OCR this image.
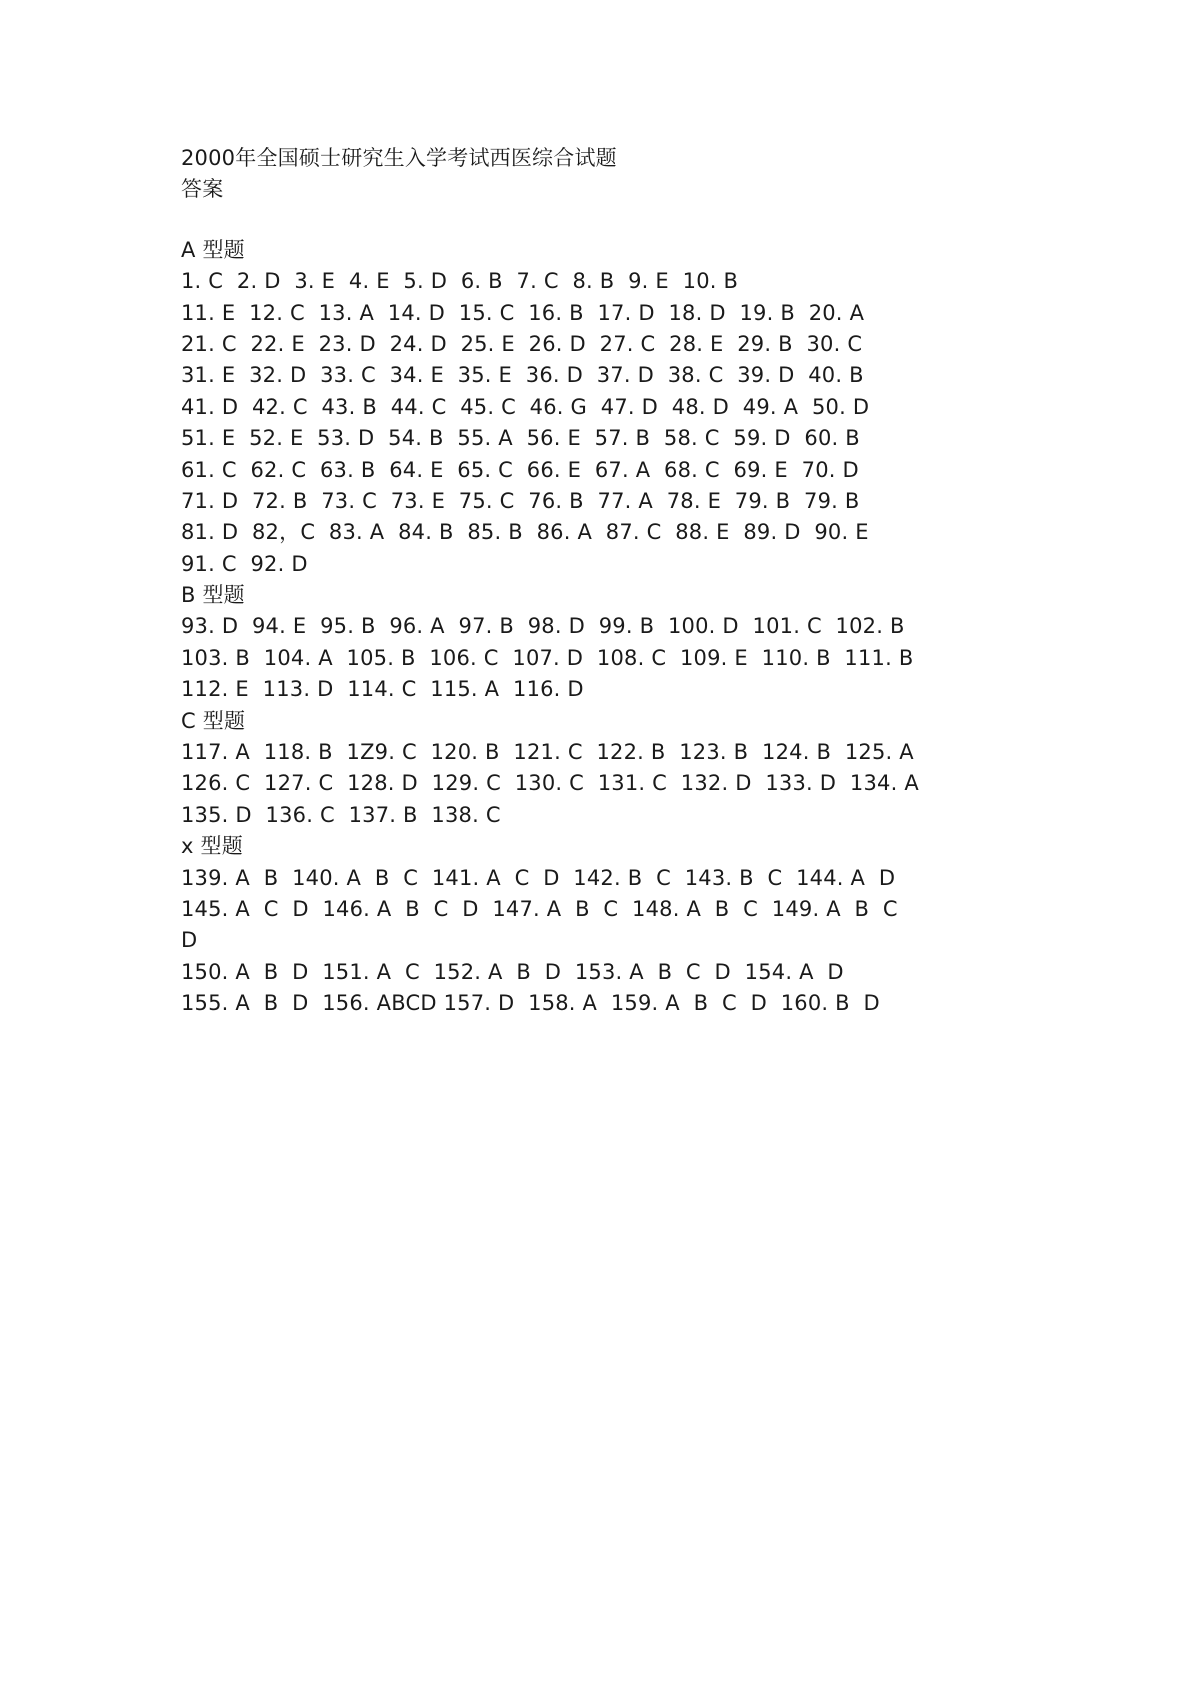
2000年全国硕士研究生入学考试西医综合试题
答案
A 型题
1. C  2. D  3. E  4. E  5. D  6. B  7. C  8. B  9. E  10. B
11. E  12. C  13. A  14. D  15. C  16. B  17. D  18. D  19. B  20. A
21. C  22. E  23. D  24. D  25. E  26. D  27. C  28. E  29. B  30. C
31. E  32. D  33. C  34. E  35. E  36. D  37. D  38. C  39. D  40. B
41. D  42. C  43. B  44. C  45. C  46. G  47. D  48. D  49. A  50. D
51. E  52. E  53. D  54. B  55. A  56. E  57. B  58. C  59. D  60. B
61. C  62. C  63. B  64. E  65. C  66. E  67. A  68. C  69. E  70. D
71. D  72. B  73. C  73. E  75. C  76. B  77. A  78. E  79. B  79. B
81. D  82，C  83. A  84. B  85. B  86. A  87. C  88. E  89. D  90. E
91. C  92. D
B 型题
93. D  94. E  95. B  96. A  97. B  98. D  99. B  100. D  101. C  102. B
103. B  104. A  105. B  106. C  107. D  108. C  109. E  110. B  111. B
112. E  113. D  114. C  115. A  116. D
C 型题
117. A  118. B  1Z9. C  120. B  121. C  122. B  123. B  124. B  125. A
126. C  127. C  128. D  129. C  130. C  131. C  132. D  133. D  134. A
135. D  136. C  137. B  138. C
x 型题
139. A  B  140. A  B  C  141. A  C  D  142. B  C  143. B  C  144. A  D
145. A  C  D  146. A  B  C  D  147. A  B  C  148. A  B  C  149. A  B  C
D
150. A  B  D  151. A  C  152. A  B  D  153. A  B  C  D  154. A  D
155. A  B  D  156. ABCD 157. D  158. A  159. A  B  C  D  160. B  D
